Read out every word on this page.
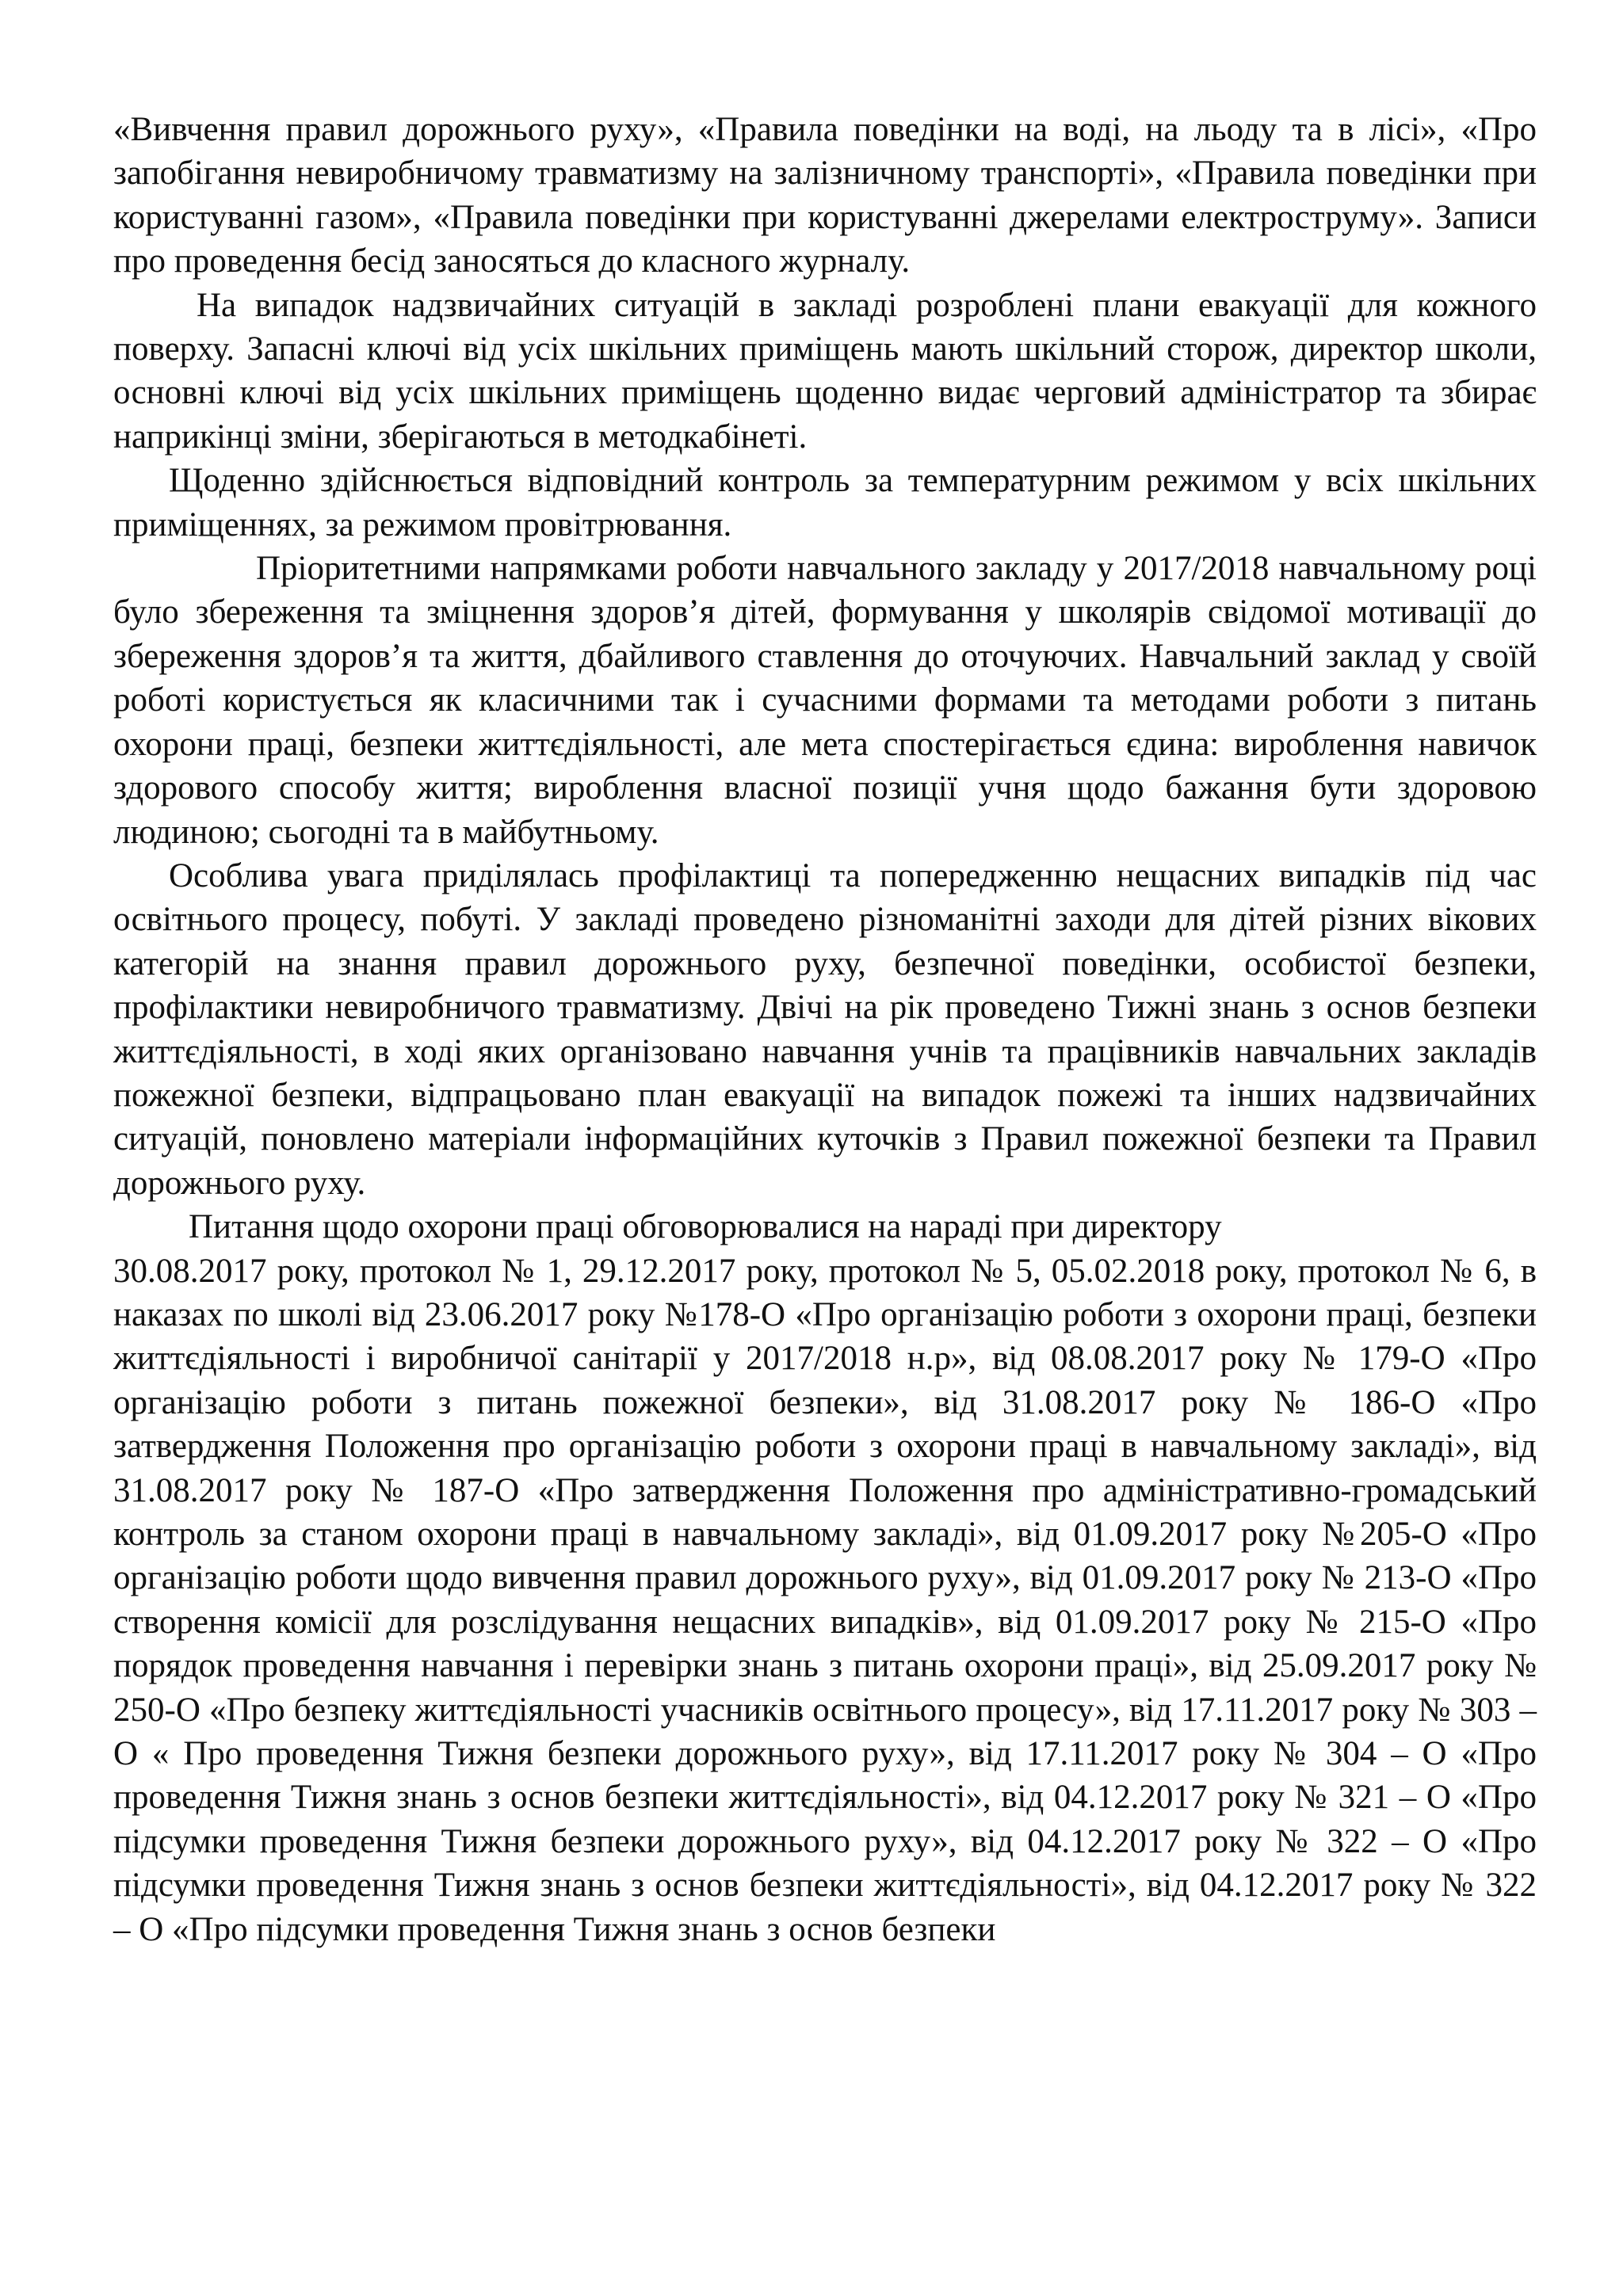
«Вивчення правил дорожнього руху», «Правила поведінки на воді, на льоду та в лісі», «Про запобігання невиробничому травматизму на залізничному транспорті», «Правила поведінки при користуванні газом», «Правила поведінки при користуванні джерелами електроструму». Записи про проведення бесід заносяться до класного журналу.

На випадок надзвичайних ситуацій в закладі розроблені плани евакуації для кожного поверху. Запасні ключі від усіх шкільних приміщень мають шкільний сторож, директор школи, основні ключі від усіх шкільних приміщень щоденно видає черговий адміністратор та збирає наприкінці зміни, зберігаються в методкабінеті.

Щоденно здійснюється відповідний контроль за температурним режимом у всіх шкільних приміщеннях, за режимом провітрювання.

Пріоритетними напрямками роботи навчального закладу у 2017/2018 навчальному році було збереження та зміцнення здоров’я дітей, формування у школярів свідомої мотивації до збереження здоров’я та життя, дбайливого ставлення до оточуючих. Навчальний заклад у своїй роботі користується як класичними так і сучасними формами та методами роботи з питань охорони праці, безпеки життєдіяльності, але мета спостерігається єдина: вироблення навичок здорового способу життя; вироблення власної позиції учня щодо бажання бути здоровою людиною; сьогодні та в майбутньому.

Особлива увага приділялась профілактиці та попередженню нещасних випадків під час освітнього процесу, побуті. У закладі проведено різноманітні заходи для дітей різних вікових категорій на знання правил дорожнього руху, безпечної поведінки, особистої безпеки, профілактики невиробничого травматизму. Двічі на рік проведено Тижні знань з основ безпеки життєдіяльності, в ході яких організовано навчання учнів та працівників навчальних закладів пожежної безпеки, відпрацьовано план евакуації на випадок пожежі та інших надзвичайних ситуацій, поновлено матеріали інформаційних куточків з Правил пожежної безпеки та Правил дорожнього руху.

Питання щодо охорони праці обговорювалися на нараді при директору

30.08.2017 року, протокол № 1, 29.12.2017 року, протокол № 5, 05.02.2018 року, протокол № 6, в наказах по школі від 23.06.2017 року №178-О «Про організацію роботи з охорони праці, безпеки життєдіяльності і виробничої санітарії у 2017/2018 н.р», від 08.08.2017 року № 179-О «Про організацію роботи з питань пожежної безпеки», від 31.08.2017 року № 186-О «Про затвердження Положення про організацію роботи з охорони праці в навчальному закладі», від 31.08.2017 року № 187-О «Про затвердження Положення про адміністративно-громадський контроль за станом охорони праці в навчальному закладі», від 01.09.2017 року №205-О «Про організацію роботи щодо вивчення правил дорожнього руху», від 01.09.2017 року № 213-О «Про створення комісії для розслідування нещасних випадків», від 01.09.2017 року № 215-О «Про порядок проведення навчання і перевірки знань з питань охорони праці», від 25.09.2017 року № 250-О «Про безпеку життєдіяльності учасників освітнього процесу», від 17.11.2017 року № 303 – О « Про проведення Тижня безпеки дорожнього руху», від 17.11.2017 року № 304 – О «Про проведення Тижня знань з основ безпеки життєдіяльності», від 04.12.2017 року № 321 – О «Про підсумки проведення Тижня безпеки дорожнього руху», від 04.12.2017 року № 322 – О «Про підсумки проведення Тижня знань з основ безпеки життєдіяльності», від 04.12.2017 року № 322 – О «Про підсумки проведення Тижня знань з основ безпеки
